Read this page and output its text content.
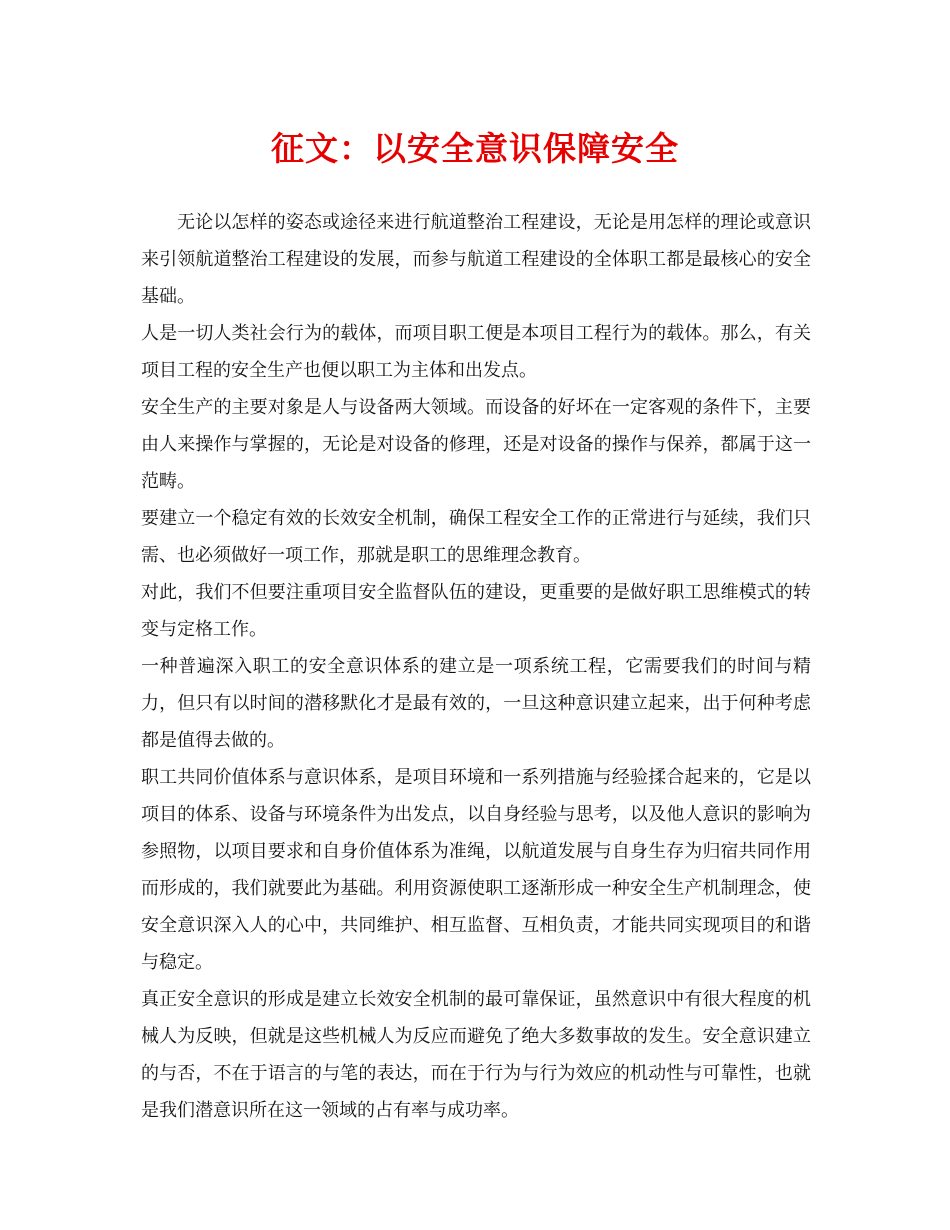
征文：以安全意识保障安全

无论以怎样的姿态或途径来进行航道整治工程建设，无论是用怎样的理论或意识来引领航道整治工程建设的发展，而参与航道工程建设的全体职工都是最核心的安全基础。

人是一切人类社会行为的载体，而项目职工便是本项目工程行为的载体。那么，有关项目工程的安全生产也便以职工为主体和出发点。

安全生产的主要对象是人与设备两大领域。而设备的好坏在一定客观的条件下，主要由人来操作与掌握的，无论是对设备的修理，还是对设备的操作与保养，都属于这一范畴。

要建立一个稳定有效的长效安全机制，确保工程安全工作的正常进行与延续，我们只需、也必须做好一项工作，那就是职工的思维理念教育。

对此，我们不但要注重项目安全监督队伍的建设，更重要的是做好职工思维模式的转变与定格工作。

一种普遍深入职工的安全意识体系的建立是一项系统工程，它需要我们的时间与精力，但只有以时间的潜移默化才是最有效的，一旦这种意识建立起来，出于何种考虑都是值得去做的。

职工共同价值体系与意识体系，是项目环境和一系列措施与经验揉合起来的，它是以项目的体系、设备与环境条件为出发点，以自身经验与思考，以及他人意识的影响为参照物，以项目要求和自身价值体系为准绳，以航道发展与自身生存为归宿共同作用而形成的，我们就要此为基础。利用资源使职工逐渐形成一种安全生产机制理念，使安全意识深入人的心中，共同维护、相互监督、互相负责，才能共同实现项目的和谐与稳定。

真正安全意识的形成是建立长效安全机制的最可靠保证，虽然意识中有很大程度的机械人为反映，但就是这些机械人为反应而避免了绝大多数事故的发生。安全意识建立的与否，不在于语言的与笔的表达，而在于行为与行为效应的机动性与可靠性，也就是我们潜意识所在这一领域的占有率与成功率。
